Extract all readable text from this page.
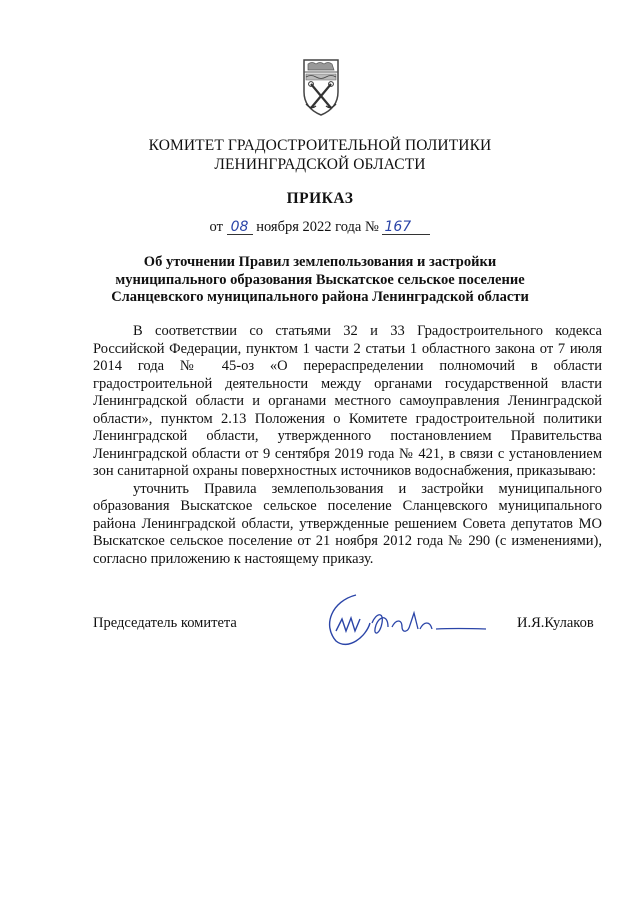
КОМИТЕТ ГРАДОСТРОИТЕЛЬНОЙ ПОЛИТИКИ
ЛЕНИНГРАДСКОЙ ОБЛАСТИ
ПРИКАЗ
от 08 ноября 2022 года № 167
Об уточнении Правил землепользования и застройки
муниципального образования Выскатское сельское поселение
Сланцевского муниципального района Ленинградской области

В соответствии со статьями 32 и 33 Градостроительного кодекса Российской Федерации, пунктом 1 части 2 статьи 1 областного закона от 7 июля 2014 года № 45-оз «О перераспределении полномочий в области градостроительной деятельности между органами государственной власти Ленинградской области и органами местного самоуправления Ленинградской области», пунктом 2.13 Положения о Комитете градостроительной политики Ленинградской области, утвержденного постановлением Правительства Ленинградской области от 9 сентября 2019 года № 421, в связи с установлением зон санитарной охраны поверхностных источников водоснабжения, приказываю:

уточнить Правила землепользования и застройки муниципального образования Выскатское сельское поселение Сланцевского муниципального района Ленинградской области, утвержденные решением Совета депутатов МО Выскатское сельское поселение от 21 ноября 2012 года № 290 (с изменениями), согласно приложению к настоящему приказу.

Председатель комитета	И.Я.Кулаков
